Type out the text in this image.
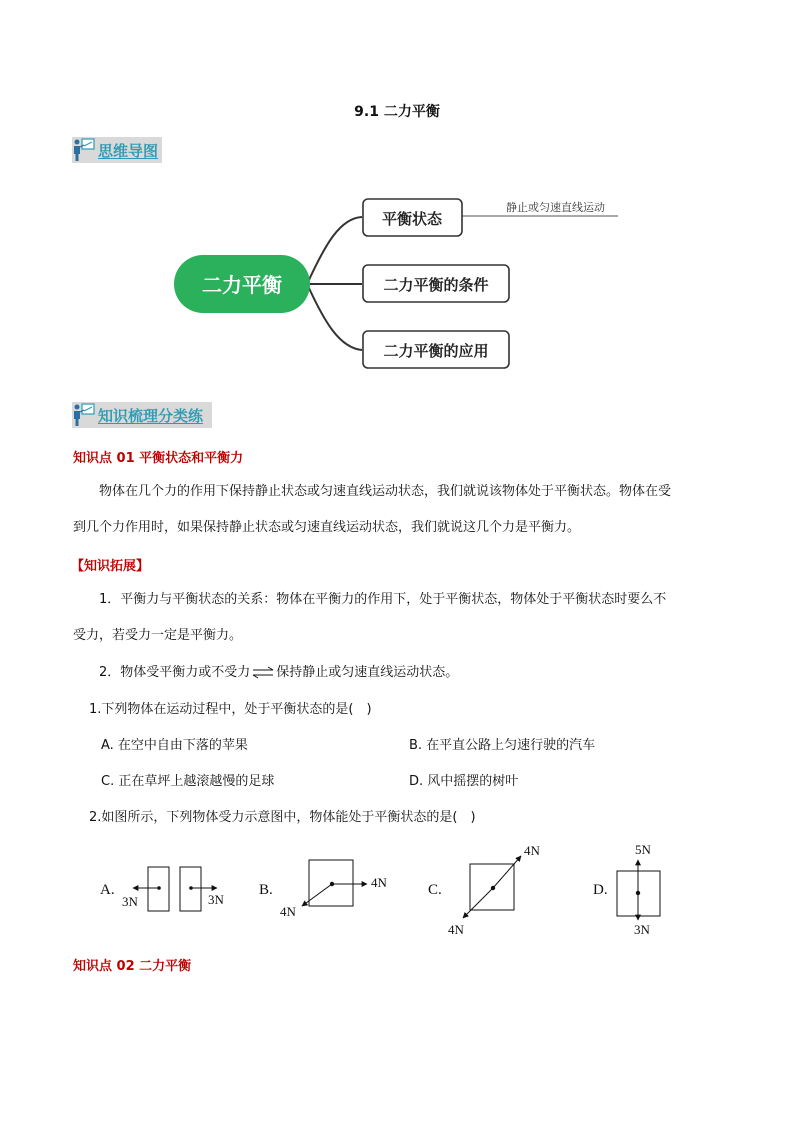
9.1 二力平衡
思维导图
静止或匀速直线运动
二力平衡
平衡状态
二力平衡的条件
二力平衡的应用
知识梳理分类练
知识点 01 平衡状态和平衡力
物体在几个力的作用下保持静止状态或匀速直线运动状态，我们就说该物体处于平衡状态。物体在受
到几个力作用时，如果保持静止状态或匀速直线运动状态，我们就说这几个力是平衡力。
【知识拓展】
1．平衡力与平衡状态的关系：物体在平衡力的作用下，处于平衡状态，物体处于平衡状态时要么不
受力，若受力一定是平衡力。
2．物体受平衡力或不受力⇌保持静止或匀速直线运动状态。
1.下列物体在运动过程中，处于平衡状态的是(　)
A. 在空中自由下落的苹果	B. 在平直公路上匀速行驶的汽车
C. 正在草坪上越滚越慢的足球	D. 风中摇摆的树叶
2.如图所示，下列物体受力示意图中，物体能处于平衡状态的是(　)
A.
3N	3N
B.	4N
4N
C.
4N
4N
D.
5N
3N
知识点 02 二力平衡
